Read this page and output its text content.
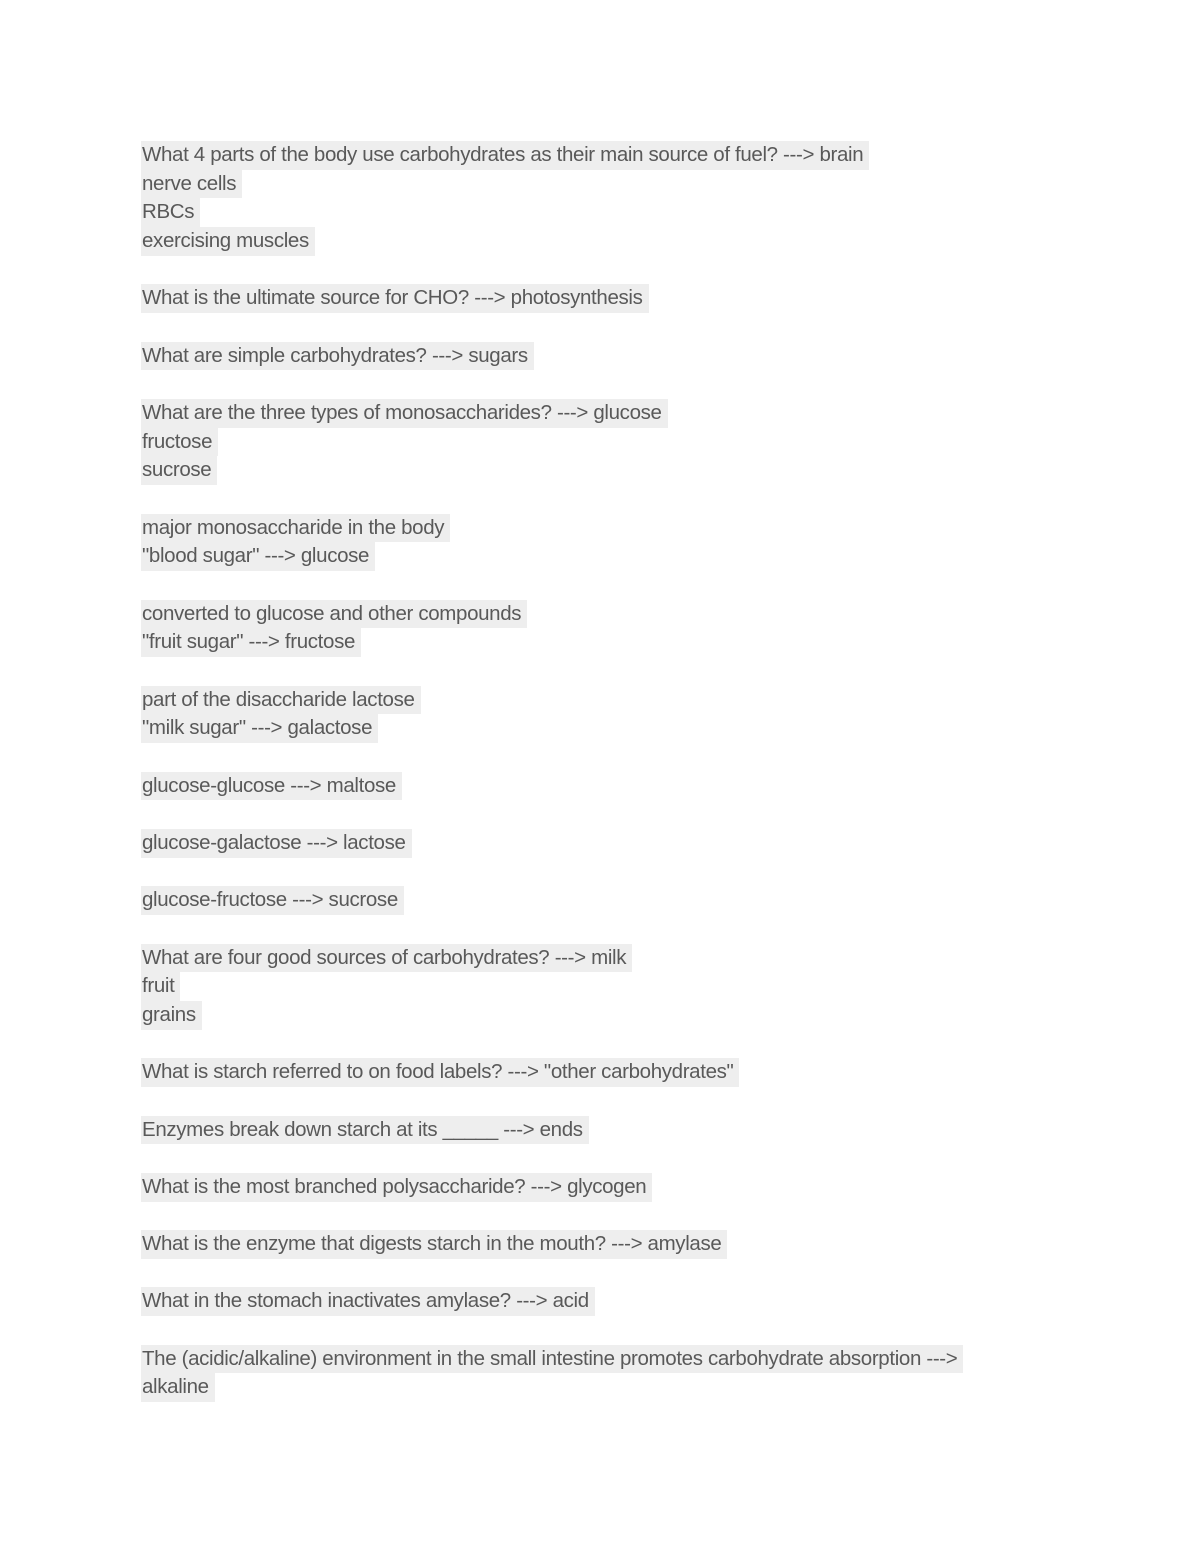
What 4 parts of the body use carbohydrates as their main source of fuel? ---> brain
nerve cells
RBCs
exercising muscles
What is the ultimate source for CHO? ---> photosynthesis
What are simple carbohydrates? ---> sugars
What are the three types of monosaccharides? ---> glucose
fructose
sucrose
major monosaccharide in the body
"blood sugar" ---> glucose
converted to glucose and other compounds
"fruit sugar" ---> fructose
part of the disaccharide lactose
"milk sugar" ---> galactose
glucose-glucose ---> maltose
glucose-galactose ---> lactose
glucose-fructose ---> sucrose
What are four good sources of carbohydrates? ---> milk
fruit
grains
What is starch referred to on food labels? ---> "other carbohydrates"
Enzymes break down starch at its _____ ---> ends
What is the most branched polysaccharide? ---> glycogen
What is the enzyme that digests starch in the mouth? ---> amylase
What in the stomach inactivates amylase? ---> acid
The (acidic/alkaline) environment in the small intestine promotes carbohydrate absorption --->
alkaline
